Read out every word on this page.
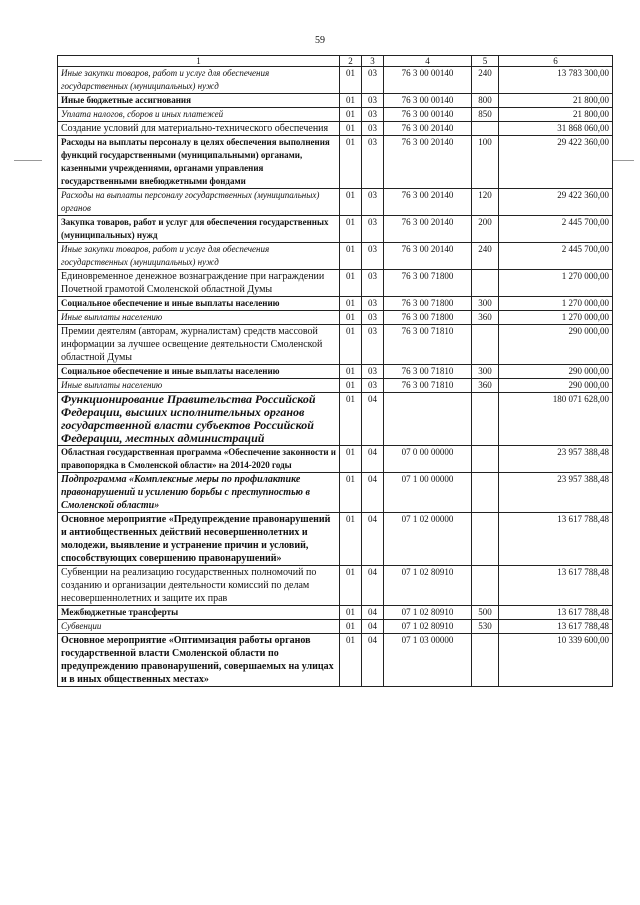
59
1	2	3	4	5	6
Иные закупки товаров, работ и услуг для обеспечения государственных (муниципальных) нужд	01	03	76 3 00 00140	240	13 783 300,00
Иные бюджетные ассигнования	01	03	76 3 00 00140	800	21 800,00
Уплата налогов, сборов и иных платежей	01	03	76 3 00 00140	850	21 800,00
Создание условий для материально-технического обеспечения	01	03	76 3 00 20140		31 868 060,00
Расходы на выплаты персоналу в целях обеспечения выполнения функций государственными (муниципальными) органами, казенными учреждениями, органами управления государственными внебюджетными фондами	01	03	76 3 00 20140	100	29 422 360,00
Расходы на выплаты персоналу государственных (муниципальных) органов	01	03	76 3 00 20140	120	29 422 360,00
Закупка товаров, работ и услуг для обеспечения государственных (муниципальных) нужд	01	03	76 3 00 20140	200	2 445 700,00
Иные закупки товаров, работ и услуг для обеспечения государственных (муниципальных) нужд	01	03	76 3 00 20140	240	2 445 700,00
Единовременное денежное вознаграждение при награждении Почетной грамотой Смоленской областной Думы	01	03	76 3 00 71800		1 270 000,00
Социальное обеспечение и иные выплаты населению	01	03	76 3 00 71800	300	1 270 000,00
Иные выплаты населению	01	03	76 3 00 71800	360	1 270 000,00
Премии деятелям (авторам, журналистам) средств массовой информации за лучшее освещение деятельности Смоленской областной Думы	01	03	76 3 00 71810		290 000,00
Социальное обеспечение и иные выплаты населению	01	03	76 3 00 71810	300	290 000,00
Иные выплаты населению	01	03	76 3 00 71810	360	290 000,00
Функционирование Правительства Российской Федерации, высших исполнительных органов государственной власти субъектов Российской Федерации, местных администраций	01	04			180 071 628,00
Областная государственная программа «Обеспечение законности и правопорядка в Смоленской области» на 2014-2020 годы	01	04	07 0 00 00000		23 957 388,48
Подпрограмма «Комплексные меры по профилактике правонарушений и усилению борьбы с преступностью в Смоленской области»	01	04	07 1 00 00000		23 957 388,48
Основное мероприятие «Предупреждение правонарушений и антиобщественных действий несовершеннолетних и молодежи, выявление и устранение причин и условий, способствующих совершению правонарушений»	01	04	07 1 02 00000		13 617 788,48
Субвенции на реализацию государственных полномочий по созданию и организации деятельности комиссий по делам несовершеннолетних и защите их прав	01	04	07 1 02 80910		13 617 788,48
Межбюджетные трансферты	01	04	07 1 02 80910	500	13 617 788,48
Субвенции	01	04	07 1 02 80910	530	13 617 788,48
Основное мероприятие «Оптимизация работы органов государственной власти Смоленской области по предупреждению правонарушений, совершаемых на улицах и в иных общественных местах»	01	04	07 1 03 00000		10 339 600,00
